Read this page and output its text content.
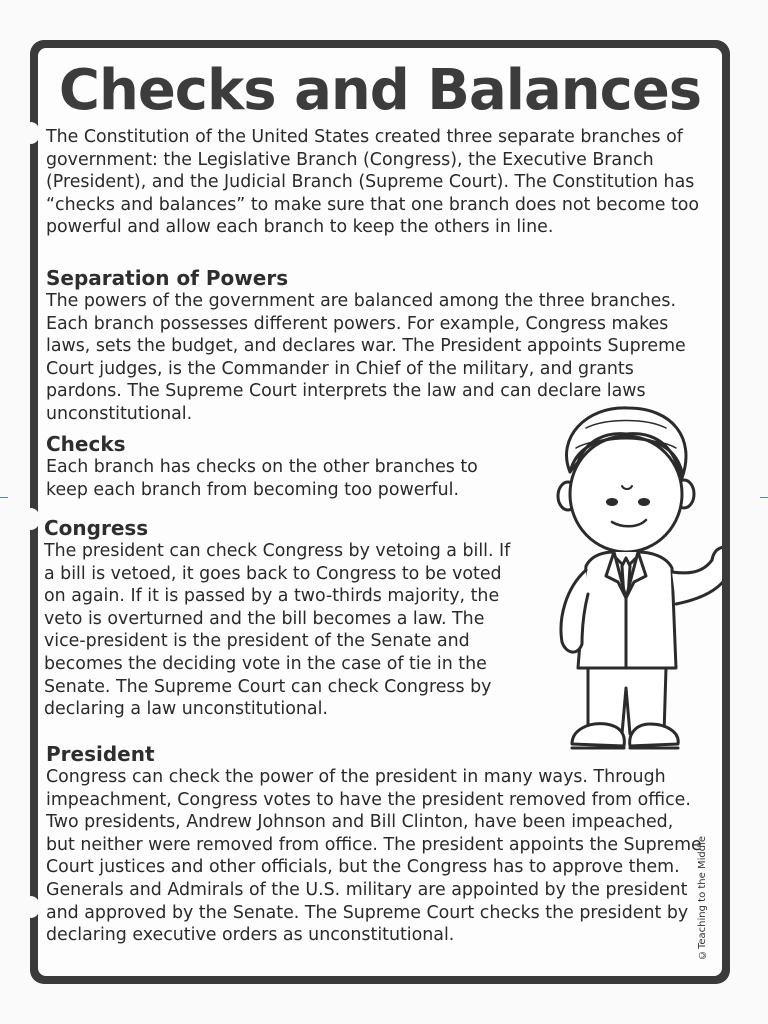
Checks and Balances

The Constitution of the United States created three separate branches of government: the Legislative Branch (Congress), the Executive Branch (President), and the Judicial Branch (Supreme Court). The Constitution has “checks and balances” to make sure that one branch does not become too powerful and allow each branch to keep the others in line.

Separation of Powers

The powers of the government are balanced among the three branches. Each branch possesses different powers. For example, Congress makes laws, sets the budget, and declares war. The President appoints Supreme Court judges, is the Commander in Chief of the military, and grants pardons. The Supreme Court interprets the law and can declare laws unconstitutional.

Checks

Each branch has checks on the other branches to keep each branch from becoming too powerful.

Congress

The president can check Congress by vetoing a bill. If a bill is vetoed, it goes back to Congress to be voted on again. If it is passed by a two-thirds majority, the veto is overturned and the bill becomes a law. The vice-president is the president of the Senate and becomes the deciding vote in the case of tie in the Senate. The Supreme Court can check Congress by declaring a law unconstitutional.

President

Congress can check the power of the president in many ways. Through impeachment, Congress votes to have the president removed from office. Two presidents, Andrew Johnson and Bill Clinton, have been impeached, but neither were removed from office. The president appoints the Supreme Court justices and other officials, but the Congress has to approve them. Generals and Admirals of the U.S. military are appointed by the president and approved by the Senate. The Supreme Court checks the president by declaring executive orders as unconstitutional.	©Teaching to the Middle
